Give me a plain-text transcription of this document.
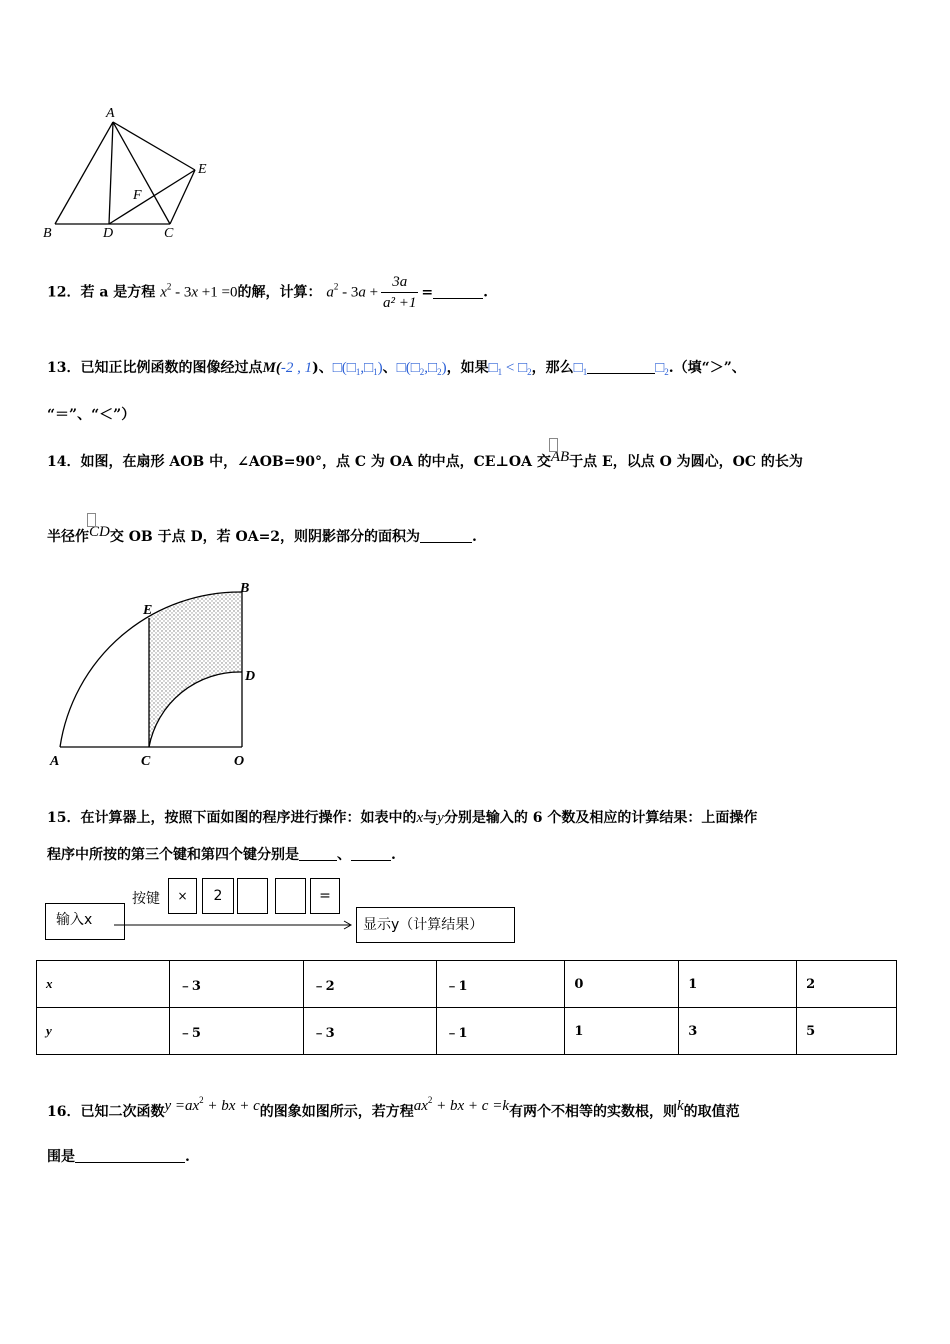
A
B	D	C
E
F
12．若 a 是方程 $x^2 - 3x +1 =0$的解，计算： $a^2 - 3a + \frac{3a}{\text{a² +1}}$ =	.
13．已知正比例函数的图像经过点M(-2 , 1)、$□(□_1,□_1)$、$□(□_2,□_2)$，如果$□_1$ < $□_2$，那么$□_1$	$□_2$.（填“＞”、
“＝”、“＜”）
14．如图，在扇形 AOB 中，∠AOB=90°，点 C 为 OA 的中点，CE⊥OA 交AB
于点 E，以点 O 为圆心，OC 的长为
半径作CD
交 OB 于点 D，若 OA=2，则阴影部分的面积为	.
A	C	O
D
B
E
15．在计算器上，按照下面如图的程序进行操作：如表中的x与y分别是输入的 6 个数及相应的计算结果：上面操作
程序中所按的第三个键和第四个键分别是	、	.
输入x
按键	×	2	=
显示y（计算结果）
x	﹣3	﹣2	﹣1	0	1	2
y	﹣5	﹣3	﹣1	1	3	5
16．已知二次函数$y =ax^2$ + bx + c的图象如图所示，若方程$ax^2$ + bx + c =k有两个不相等的实数根，则k的取值范
围是	.
